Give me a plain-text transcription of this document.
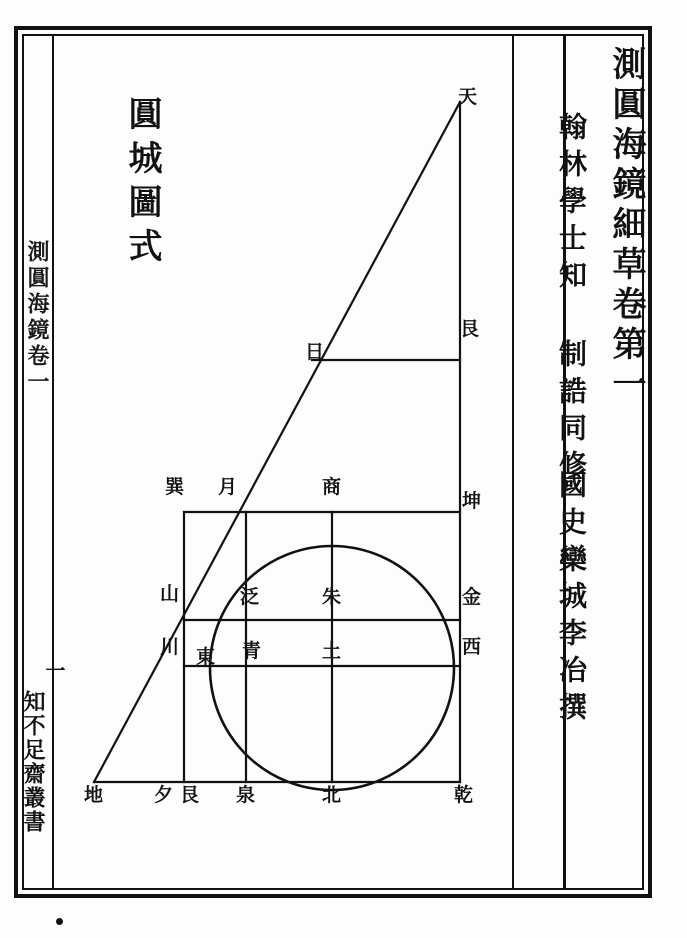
測圓海鏡細草卷第一
翰林學士知 制誥同修
國史欒城李冶撰
測圓海鏡卷一
一
知不足齋叢書
圓城圖式	天
日
艮
巽 月	商
坤
山	泛	朱	金
川 東 青	土	西
地	夕 艮 泉	北	乾
